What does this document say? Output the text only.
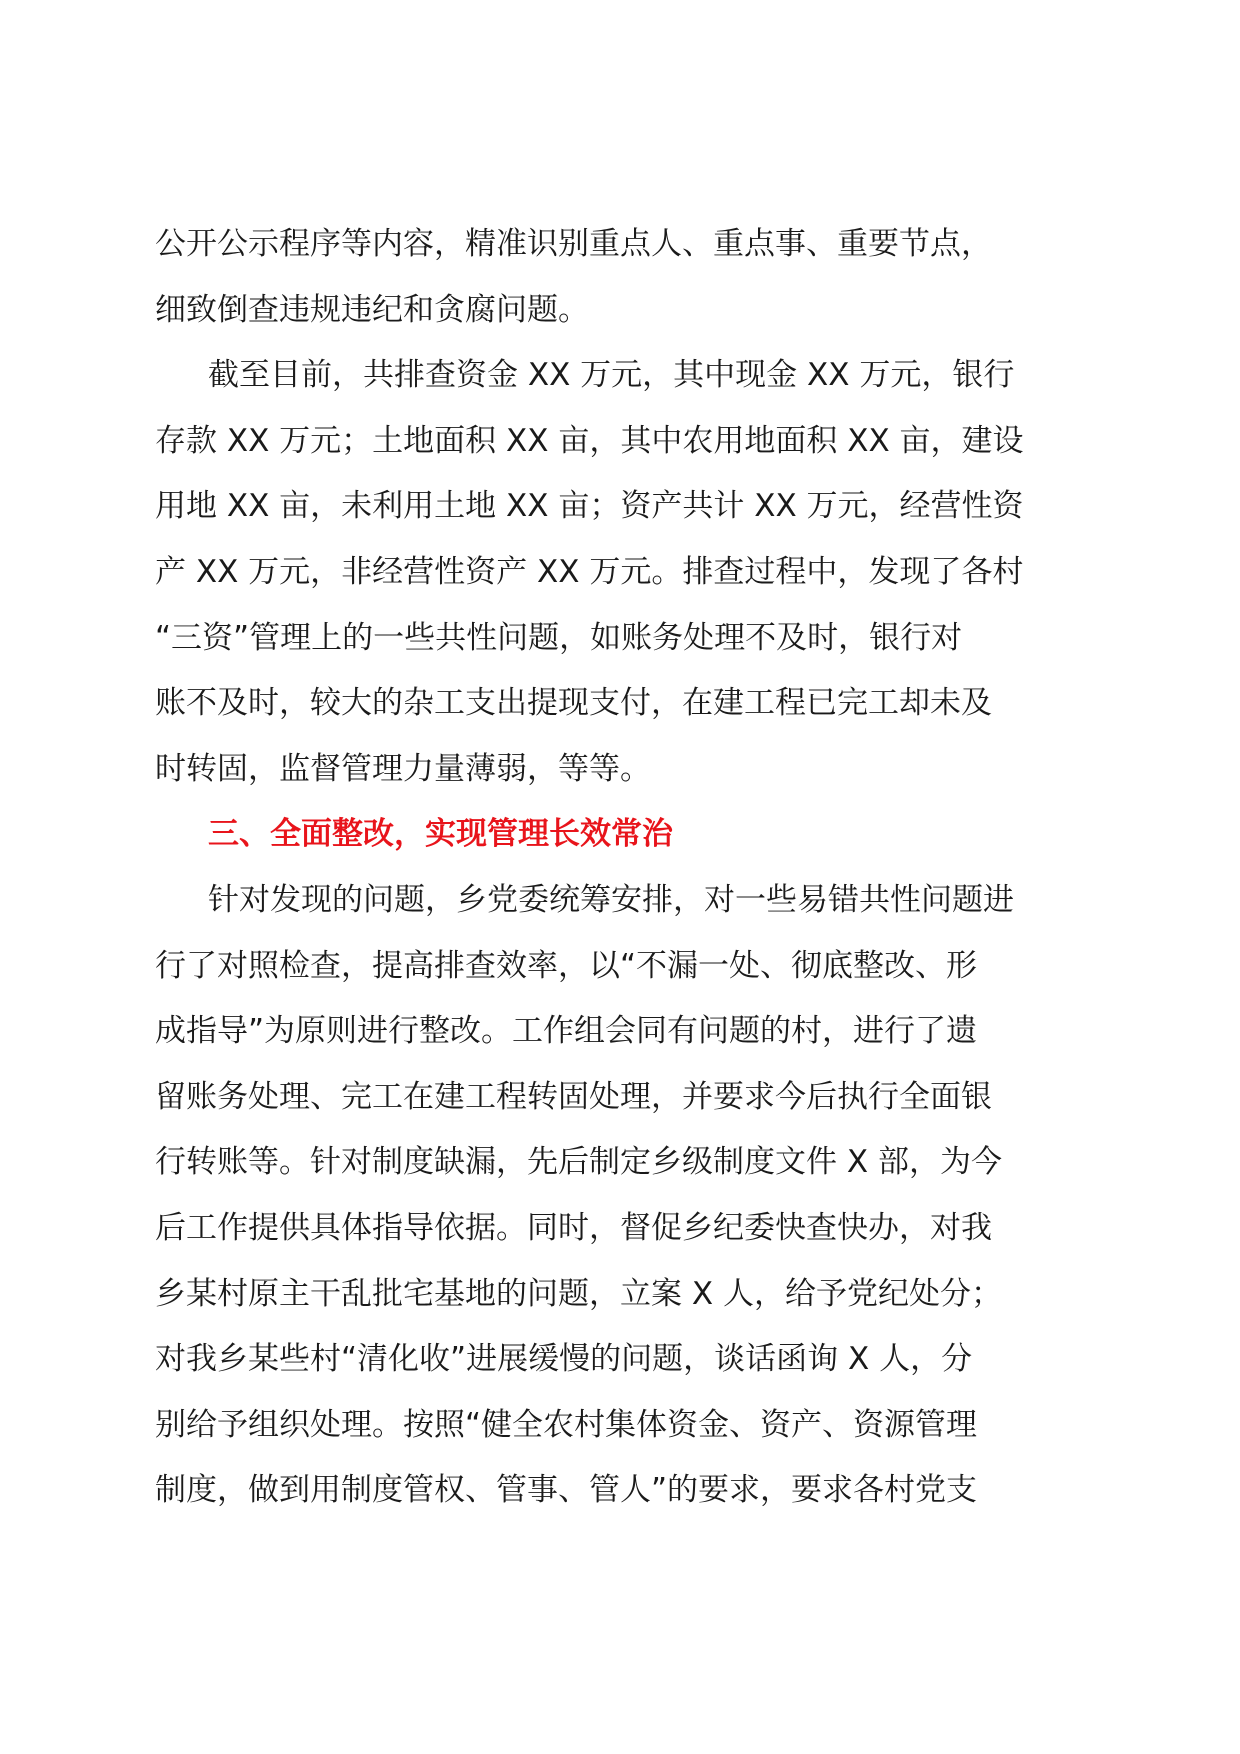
公开公示程序等内容，精准识别重点人、重点事、重要节点，
细致倒查违规违纪和贪腐问题。
截至目前，共排查资金 XX 万元，其中现金 XX 万元，银行
存款 XX 万元；土地面积 XX 亩，其中农用地面积 XX 亩，建设
用地 XX 亩，未利用土地 XX 亩；资产共计 XX 万元，经营性资
产 XX 万元，非经营性资产 XX 万元。排查过程中，发现了各村
“三资”管理上的一些共性问题，如账务处理不及时，银行对
账不及时，较大的杂工支出提现支付，在建工程已完工却未及
时转固，监督管理力量薄弱，等等。
三、全面整改，实现管理长效常治
针对发现的问题，乡党委统筹安排，对一些易错共性问题进
行了对照检查，提高排查效率，以“不漏一处、彻底整改、形
成指导”为原则进行整改。工作组会同有问题的村，进行了遗
留账务处理、完工在建工程转固处理，并要求今后执行全面银
行转账等。针对制度缺漏，先后制定乡级制度文件 X 部，为今
后工作提供具体指导依据。同时，督促乡纪委快查快办，对我
乡某村原主干乱批宅基地的问题，立案 X 人，给予党纪处分；
对我乡某些村“清化收”进展缓慢的问题，谈话函询 X 人，分
别给予组织处理。按照“健全农村集体资金、资产、资源管理
制度，做到用制度管权、管事、管人”的要求，要求各村党支
